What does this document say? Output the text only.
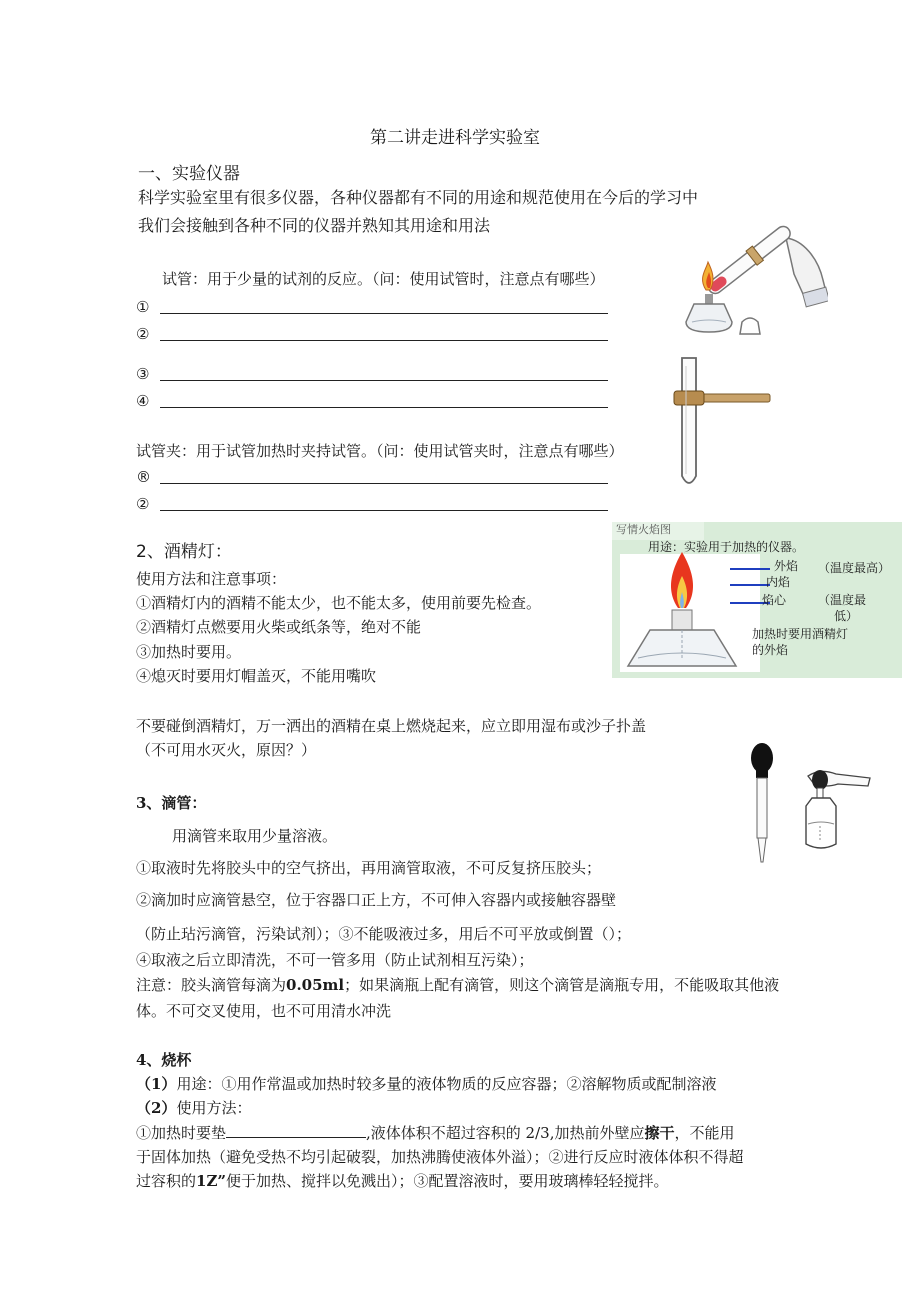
第二讲走进科学实验室
一、实验仪器
科学实验室里有很多仪器，各种仪器都有不同的用途和规范使用在今后的学习中
我们会接触到各种不同的仪器并熟知其用途和用法
试管：用于少量的试剂的反应。（问：使用试管时，注意点有哪些）
①
②
③
④
试管夹：用于试管加热时夹持试管。（问：使用试管夹时，注意点有哪些）
®
②
2、酒精灯：
使用方法和注意事项：
①酒精灯内的酒精不能太少，也不能太多，使用前要先检查。
②酒精灯点燃要用火柴或纸条等，绝对不能
③加热时要用。
④熄灭时要用灯帽盖灭，不能用嘴吹
写情火焰图
用途：实验用于加热的仪器。
外焰
内焰
焰心
（温度最高）
（温度最
低）
加热时要用酒精灯
的外焰
不要碰倒酒精灯，万一洒出的酒精在桌上燃烧起来，应立即用湿布或沙子扑盖
（不可用水灭火，原因？）
3、滴管：
用滴管来取用少量溶液。
①取液时先将胶头中的空气挤出，再用滴管取液，不可反复挤压胶头；
②滴加时应滴管悬空，位于容器口正上方，不可伸入容器内或接触容器壁
（防止玷污滴管，污染试剂）；③不能吸液过多，用后不可平放或倒置（）；
④取液之后立即清洗，不可一管多用（防止试剂相互污染）；
注意：胶头滴管每滴为0.05ml；如果滴瓶上配有滴管，则这个滴管是滴瓶专用，不能吸取其他液
体。不可交叉使用，也不可用清水冲洗
4、烧杯
（1）用途：①用作常温或加热时较多量的液体物质的反应容器；②溶解物质或配制溶液
（2）使用方法：
①加热时要垫	,液体体积不超过容积的 2/3,加热前外壁应擦干，不能用
于固体加热（避免受热不均引起破裂，加热沸腾使液体外溢）；②进行反应时液体体积不得超
过容积的1Z”便于加热、搅拌以免溅出）；③配置溶液时，要用玻璃棒轻轻搅拌。
